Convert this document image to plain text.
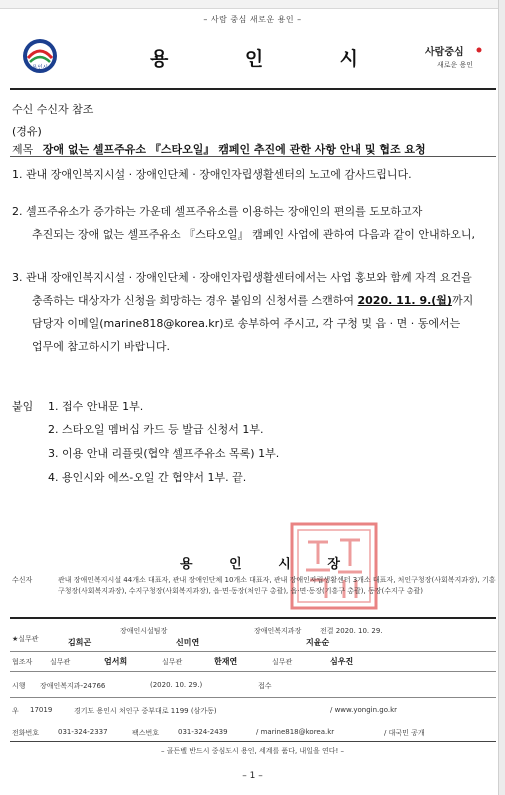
– 사람 중심 새로운 용인 –
용인시	용	인	시	사람중심
새로운 용인
수신 수신자 참조
(경유)
제목 장애 없는 셀프주유소 『스타오일』 캠페인 추진에 관한 사항 안내 및 협조 요청
1. 관내 장애인복지시설 ‧ 장애인단체 ‧ 장애인자립생활센터의 노고에 감사드립니다.
2. 셀프주유소가 증가하는 가운데 셀프주유소를 이용하는 장애인의 편의를 도모하고자
추진되는 장애 없는 셀프주유소 『스타오일』 캠페인 사업에 관하여 다음과 같이 안내하오니,
3. 관내 장애인복지시설 ‧ 장애인단체 ‧ 장애인자립생활센터에서는 사업 홍보와 함께 자격 요건을
충족하는 대상자가 신청을 희망하는 경우 붙임의 신청서를 스캔하여 2020. 11. 9.(월)까지
담당자 이메일(marine818@korea.kr)로 송부하여 주시고, 각 구청 및 읍 ‧ 면 ‧ 동에서는
업무에 참고하시기 바랍니다.
붙임 1. 접수 안내문 1부.
2. 스타오일 멤버십 카드 등 발급 신청서 1부.
3. 이용 안내 리플릿(협약 셀프주유소 목록) 1부.
4. 용인시와 에쓰-오일 간 협약서 1부. 끝.
용	인	시	장
수신자	관내 장애인복지시설 44개소 대표자, 관내 장애인단체 10개소 대표자, 관내 장애인자립생활센터 3개소 대표자, 처인구청장(사회복지과장), 기흥구청장(사회복지과장), 수지구청장(사회복지과장), 읍‧면‧동장(처인구 총괄), 읍‧면‧동장(기흥구 총괄), 동장(수지구 총괄)
장애인시설팀장	장애인복지과장	전결 2020. 10. 29.
★실무관	김희곤	신미연	지윤순
협조자	실무관	엄서희	실무관	한재연	실무관	심우진
시행 장애인복지과-24766	(2020. 10. 29.)	접수
우 17019	경기도 용인시 처인구 중부대로 1199 (삼가동)	/ www.yongin.go.kr
전화번호	031-324-2337	팩스번호	031-324-2439	/ marine818@korea.kr	/ 대국민 공개
– 골든벨 반드시 중심도시 용인, 세계를 품다, 내일을 연다! –
– 1 –
